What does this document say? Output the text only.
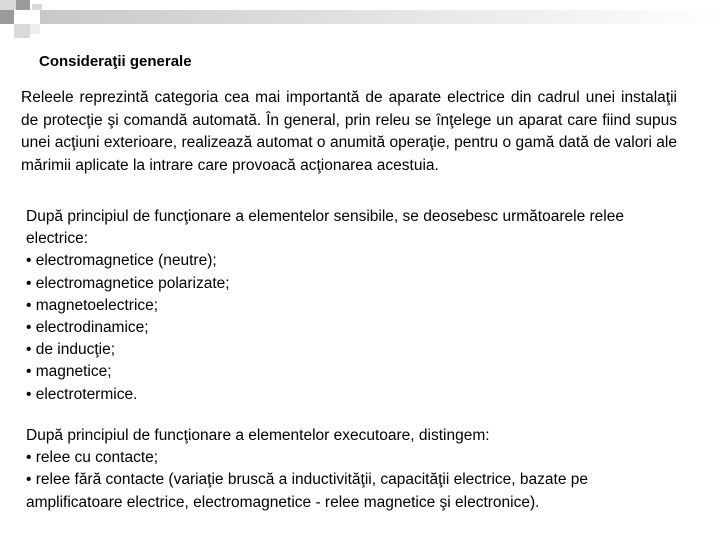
Consideraţii generale

Releele reprezintă categoria cea mai importantă de aparate electrice din cadrul unei instalaţii de protecţie şi comandă automată. În general, prin releu se înţelege un aparat care fiind supus unei acţiuni exterioare, realizează automat o anumită operaţie, pentru o gamă dată de valori ale mărimii aplicate la intrare care provoacă acţionarea acestuia.

După principiul de funcţionare a elementelor sensibile, se deosebesc următoarele relee electrice:
• electromagnetice (neutre);
• electromagnetice polarizate;
• magnetoelectrice;
• electrodinamice;
• de inducţie;
• magnetice;
• electrotermice.
După principiul de funcţionare a elementelor executoare, distingem:
• relee cu contacte;
• relee fără contacte (variaţie bruscă a inductivităţii, capacităţii electrice, bazate pe amplificatoare electrice, electromagnetice - relee magnetice şi electronice).
